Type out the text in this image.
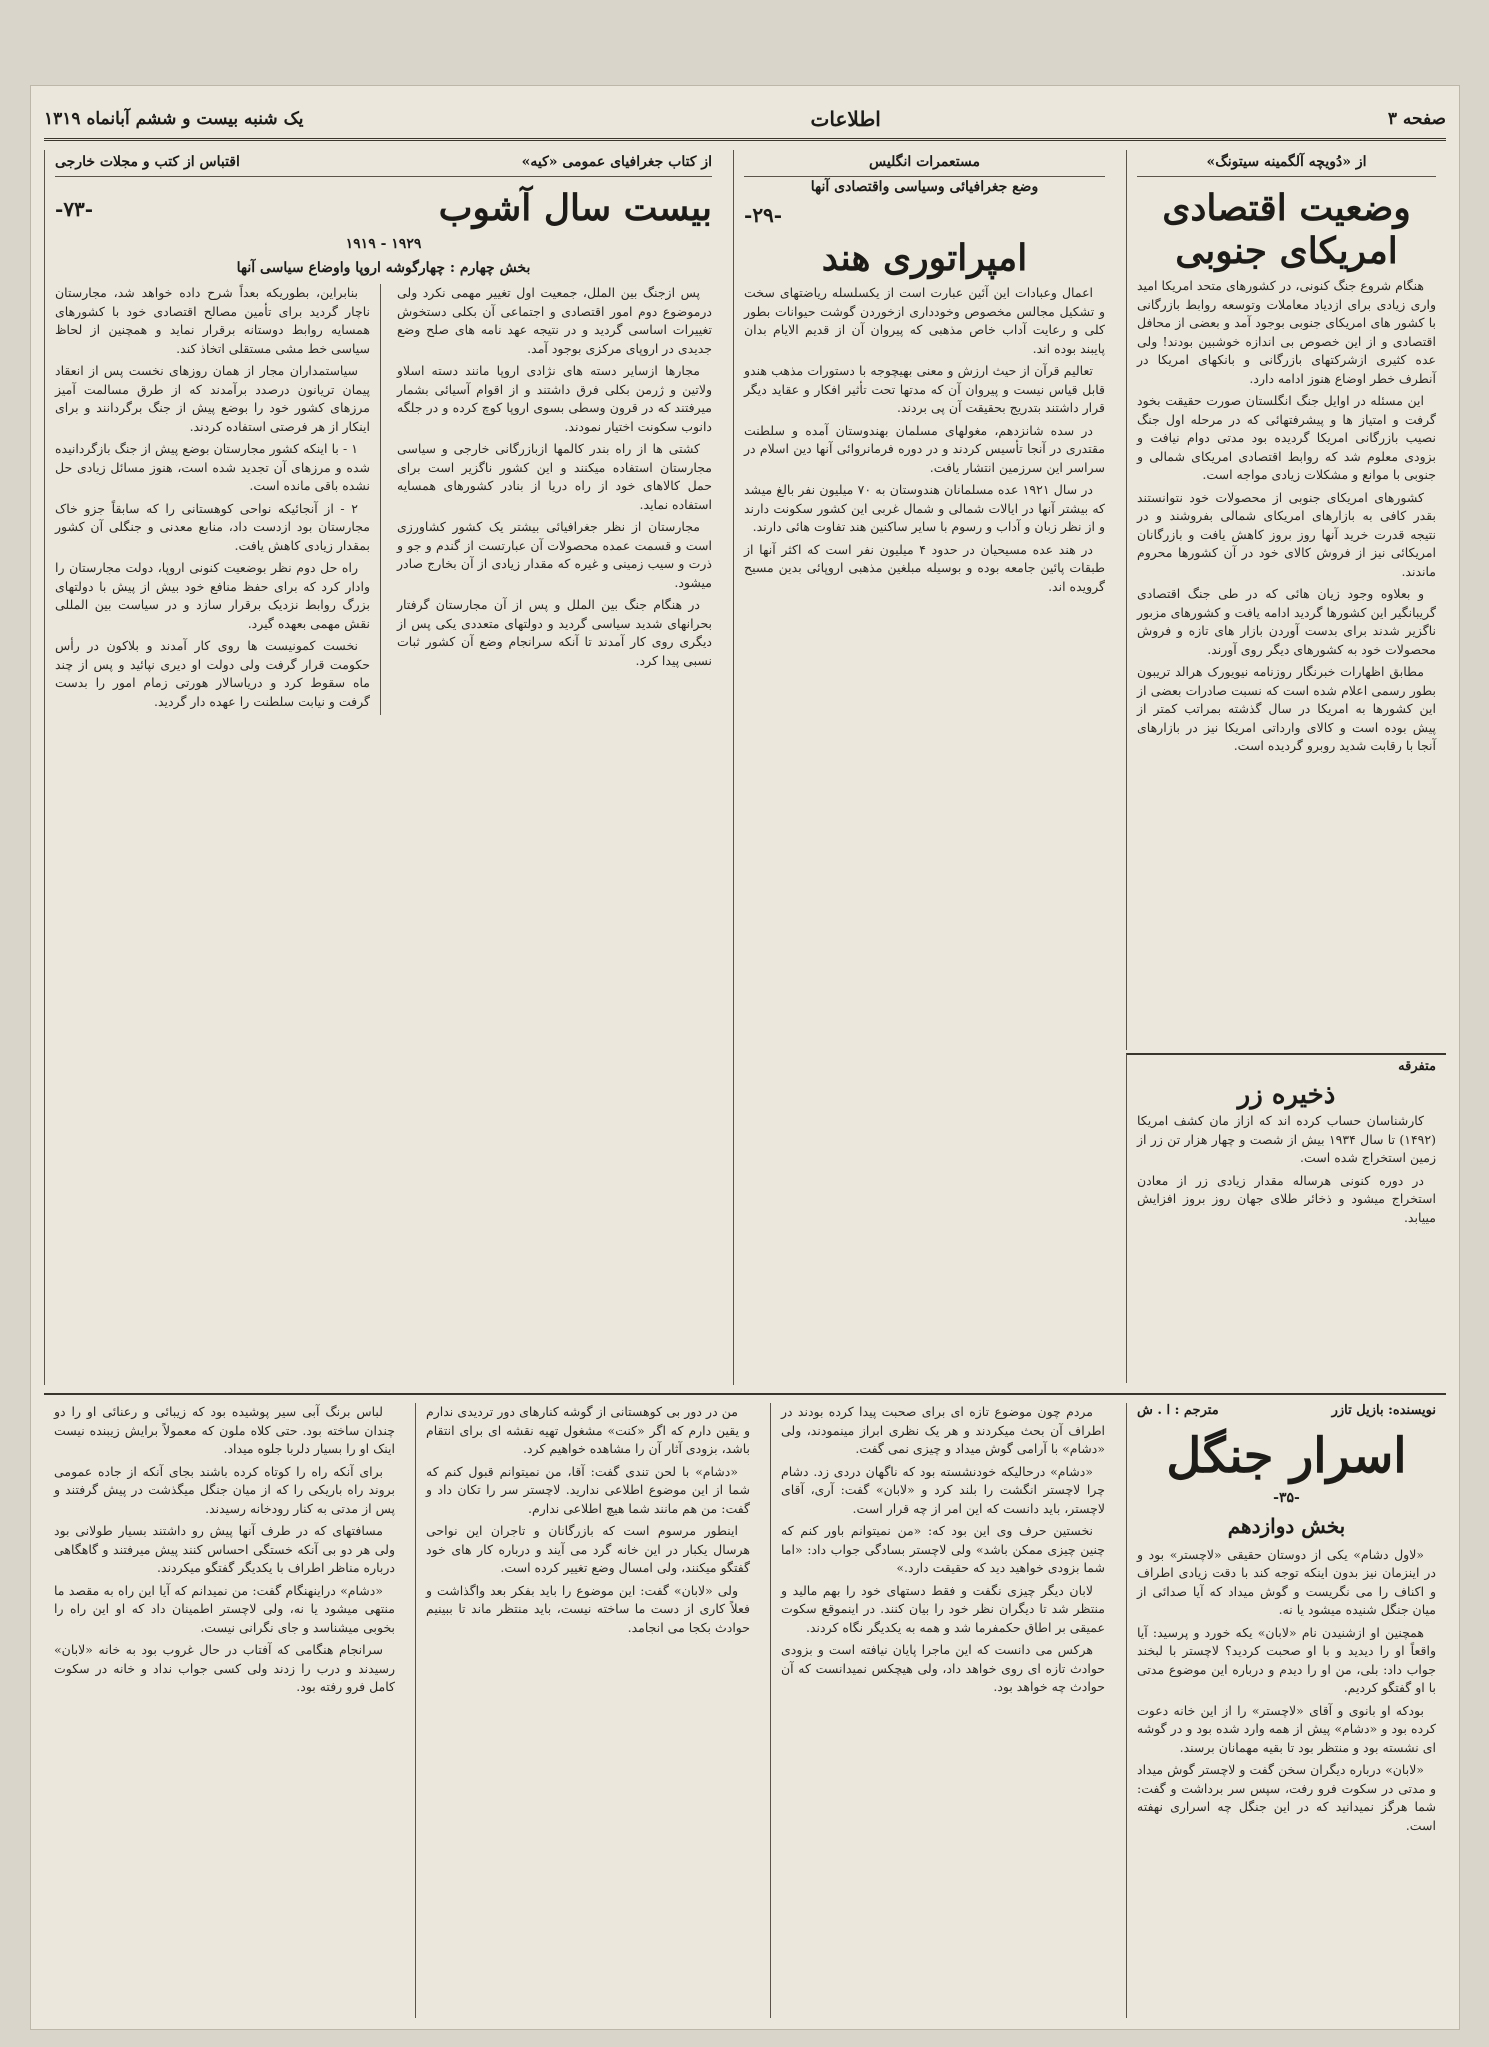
صفحه ۳
اطلاعات
یک شنبه بیست و ششم آبانماه ۱۳۱۹
از «دُویچه آلگمینه سیتونگ»
وضعیت اقتصادی امریکای جنوبی

هنگام شروع جنگ کنونی، در کشورهای متحد امریکا امید واری زیادی برای ازدیاد معاملات وتوسعه روابط بازرگانی با کشور های امریکای جنوبی بوجود آمد و بعضی از محافل اقتصادی و از این خصوص بی اندازه خوشبین بودند! ولی عده کثیری ازشرکتهای بازرگانی و بانکهای امریکا در آنطرف خطر اوضاع هنوز ادامه دارد.

این مسئله در اوایل جنگ انگلستان صورت حقیقت بخود گرفت و امتیاز ها و پیشرفتهائی که در مرحله اول جنگ نصیب بازرگانی امریکا گردیده بود مدتی دوام نیافت و بزودی معلوم شد که روابط اقتصادی امریکای شمالی و جنوبی با موانع و مشکلات زیادی مواجه است.

کشورهای امریکای جنوبی از محصولات خود نتوانستند بقدر کافی به بازارهای امریکای شمالی بفروشند و در نتیجه قدرت خرید آنها روز بروز کاهش یافت و بازرگانان امریکائی نیز از فروش کالای خود در آن کشورها محروم ماندند.

و بعلاوه وجود زیان هائی که در طی جنگ اقتصادی گریبانگیر این کشورها گردید ادامه یافت و کشورهای مزبور ناگزیر شدند برای بدست آوردن بازار های تازه و فروش محصولات خود به کشورهای دیگر روی آورند.

مطابق اظهارات خبرنگار روزنامه نیویورک هرالد تریبون بطور رسمی اعلام شده است که نسبت صادرات بعضی از این کشورها به امریکا در سال گذشته بمراتب کمتر از پیش بوده است و کالای وارداتی امریکا نیز در بازارهای آنجا با رقابت شدید روبرو گردیده است.

متفرقه
ذخیره زر

کارشناسان حساب کرده اند که ازاز مان کشف امریکا (۱۴۹۲) تا سال ۱۹۳۴ بیش از شصت و چهار هزار تن زر از زمین استخراج شده است.

در دوره کنونی هرساله مقدار زیادی زر از معادن استخراج میشود و ذخائر طلای جهان روز بروز افزایش مییابد.

مستعمرات انگلیس
وضع جغرافیائی وسیاسی واقتصادی آنها
-۲۹-
امپراتوری هند

اعمال وعبادات این آئین عبارت است از یکسلسله ریاضتهای سخت و تشکیل مجالس مخصوص وخودداری ازخوردن گوشت حیوانات بطور کلی و رعایت آداب خاص مذهبی که پیروان آن از قدیم الایام بدان پایبند بوده اند.

تعالیم قرآن از حیث ارزش و معنی بهیچوجه با دستورات مذهب هندو قابل قیاس نیست و پیروان آن که مدتها تحت تأثیر افکار و عقاید دیگر قرار داشتند بتدریج بحقیقت آن پی بردند.

در سده شانزدهم، مغولهای مسلمان بهندوستان آمده و سلطنت مقتدری در آنجا تأسیس کردند و در دوره فرمانروائی آنها دین اسلام در سراسر این سرزمین انتشار یافت.

در سال ۱۹۲۱ عده مسلمانان هندوستان به ۷۰ میلیون نفر بالغ میشد که بیشتر آنها در ایالات شمالی و شمال غربی این کشور سکونت دارند و از نظر زبان و آداب و رسوم با سایر ساکنین هند تفاوت هائی دارند.

در هند عده مسیحیان در حدود ۴ میلیون نفر است که اکثر آنها از طبقات پائین جامعه بوده و بوسیله مبلغین مذهبی اروپائی بدین مسیح گرویده اند.

از کتاب جغرافیای عمومی «کیه»
اقتباس از کتب و مجلات خارجی
بیست سال آشوب
-۷۳-
۱۹۲۹ - ۱۹۱۹
بخش چهارم : چهارگوشه اروپا واوضاع سیاسی آنها

پس ازجنگ بین الملل، جمعیت اول تغییر مهمی نکرد ولی درموضوع دوم امور اقتصادی و اجتماعی آن بکلی دستخوش تغییرات اساسی گردید و در نتیجه عهد نامه های صلح وضع جدیدی در اروپای مرکزی بوجود آمد.

مجارها ازسایر دسته های نژادی اروپا مانند دسته اسلاو ولاتین و ژرمن بکلی فرق داشتند و از اقوام آسیائی بشمار میرفتند که در قرون وسطی بسوی اروپا کوچ کرده و در جلگه دانوب سکونت اختیار نمودند.

کشتی ها از راه بندر کالمها ازبازرگانی خارجی و سیاسی مجارستان استفاده میکنند و این کشور ناگزیر است برای حمل کالاهای خود از راه دریا از بنادر کشورهای همسایه استفاده نماید.

مجارستان از نظر جغرافیائی بیشتر یک کشور کشاورزی است و قسمت عمده محصولات آن عبارتست از گندم و جو و ذرت و سیب زمینی و غیره که مقدار زیادی از آن بخارج صادر میشود.

در هنگام جنگ بین الملل و پس از آن مجارستان گرفتار بحرانهای شدید سیاسی گردید و دولتهای متعددی یکی پس از دیگری روی کار آمدند تا آنکه سرانجام وضع آن کشور ثبات نسبی پیدا کرد.

بنابراین، بطوریکه بعداً شرح داده خواهد شد، مجارستان ناچار گردید برای تأمین مصالح اقتصادی خود با کشورهای همسایه روابط دوستانه برقرار نماید و همچنین از لحاظ سیاسی خط مشی مستقلی اتخاذ کند.

سیاستمداران مجار از همان روزهای نخست پس از انعقاد پیمان تریانون درصدد برآمدند که از طرق مسالمت آمیز مرزهای کشور خود را بوضع پیش از جنگ برگردانند و برای اینکار از هر فرصتی استفاده کردند.

۱ - با اینکه کشور مجارستان بوضع پیش از جنگ بازگردانیده شده و مرزهای آن تجدید شده است، هنوز مسائل زیادی حل نشده باقی مانده است.

۲ - از آنجائیکه نواحی کوهستانی را که سابقاً جزو خاک مجارستان بود ازدست داد، منابع معدنی و جنگلی آن کشور بمقدار زیادی کاهش یافت.

راه حل دوم نظر بوضعیت کنونی اروپا، دولت مجارستان را وادار کرد که برای حفظ منافع خود بیش از پیش با دولتهای بزرگ روابط نزدیک برقرار سازد و در سیاست بین المللی نقش مهمی بعهده گیرد.

نخست کمونیست ها روی کار آمدند و بلاکون در رأس حکومت قرار گرفت ولی دولت او دیری نپائید و پس از چند ماه سقوط کرد و دریاسالار هورتی زمام امور را بدست گرفت و نیابت سلطنت را عهده دار گردید.

نویسنده: بازیل تازر
مترجم : ا . ش
اسرار جنگل
-۳۵-
بخش دوازدهم

«لاول دشام» یکی از دوستان حقیقی «لاچستر» بود و در اینزمان نیز بدون اینکه توجه کند با دقت زیادی اطراف و اکناف را می نگریست و گوش میداد که آیا صدائی از میان جنگل شنیده میشود یا نه.

همچنین او ازشنیدن نام «لابان» یکه خورد و پرسید: آیا واقعاً او را دیدید و با او صحبت کردید؟ لاچستر با لبخند جواب داد: بلی، من او را دیدم و درباره این موضوع مدتی با او گفتگو کردیم.

بودکه او بانوی و آقای «لاچستر» را از این خانه دعوت کرده بود و «دشام» پیش از همه وارد شده بود و در گوشه ای نشسته بود و منتظر بود تا بقیه مهمانان برسند.

«لابان» درباره دیگران سخن گفت و لاچستر گوش میداد و مدتی در سکوت فرو رفت، سپس سر برداشت و گفت: شما هرگز نمیدانید که در این جنگل چه اسراری نهفته است.

مردم چون موضوع تازه ای برای صحبت پیدا کرده بودند در اطراف آن بحث میکردند و هر یک نظری ابراز مینمودند، ولی «دشام» با آرامی گوش میداد و چیزی نمی گفت.

«دشام» درحالیکه خودنشسته بود که ناگهان دردی زد. دشام چرا لاچستر انگشت را بلند کرد و «لابان» گفت: آری، آقای لاچستر، باید دانست که این امر از چه قرار است.

نخستین حرف وی این بود که: «من نمیتوانم باور کنم که چنین چیزی ممکن باشد» ولی لاچستر بسادگی جواب داد: «اما شما بزودی خواهید دید که حقیقت دارد.»

لابان دیگر چیزی نگفت و فقط دستهای خود را بهم مالید و منتظر شد تا دیگران نظر خود را بیان کنند. در اینموقع سکوت عمیقی بر اطاق حکمفرما شد و همه به یکدیگر نگاه کردند.

هرکس می دانست که این ماجرا پایان نیافته است و بزودی حوادث تازه ای روی خواهد داد، ولی هیچکس نمیدانست که آن حوادث چه خواهد بود.

من در دور بی کوهستانی از گوشه کنارهای دور تردیدی ندارم و یقین دارم که اگر «کنت» مشغول تهیه نقشه ای برای انتقام باشد، بزودی آثار آن را مشاهده خواهیم کرد.

«دشام» با لحن تندی گفت: آقا، من نمیتوانم قبول کنم که شما از این موضوع اطلاعی ندارید. لاچستر سر را تکان داد و گفت: من هم مانند شما هیچ اطلاعی ندارم.

اینطور مرسوم است که بازرگانان و تاجران این نواحی هرسال یکبار در این خانه گرد می آیند و درباره کار های خود گفتگو میکنند، ولی امسال وضع تغییر کرده است.

ولی «لابان» گفت: این موضوع را باید بفکر بعد واگذاشت و فعلاً کاری از دست ما ساخته نیست، باید منتظر ماند تا ببینیم حوادث بکجا می انجامد.

لباس برنگ آبی سیر پوشیده بود که زیبائی و رعنائی او را دو چندان ساخته بود. حتی کلاه ملون که معمولاً برایش زیبنده نیست اینک او را بسیار دلربا جلوه میداد.

برای آنکه راه را کوتاه کرده باشند بجای آنکه از جاده عمومی بروند راه باریکی را که از میان جنگل میگذشت در پیش گرفتند و پس از مدتی به کنار رودخانه رسیدند.

مسافتهای که در طرف آنها پیش رو داشتند بسیار طولانی بود ولی هر دو بی آنکه خستگی احساس کنند پیش میرفتند و گاهگاهی درباره مناظر اطراف با یکدیگر گفتگو میکردند.

«دشام» دراینهنگام گفت: من نمیدانم که آیا این راه به مقصد ما منتهی میشود یا نه، ولی لاچستر اطمینان داد که او این راه را بخوبی میشناسد و جای نگرانی نیست.

سرانجام هنگامی که آفتاب در حال غروب بود به خانه «لابان» رسیدند و درب را زدند ولی کسی جواب نداد و خانه در سکوت کامل فرو رفته بود.
